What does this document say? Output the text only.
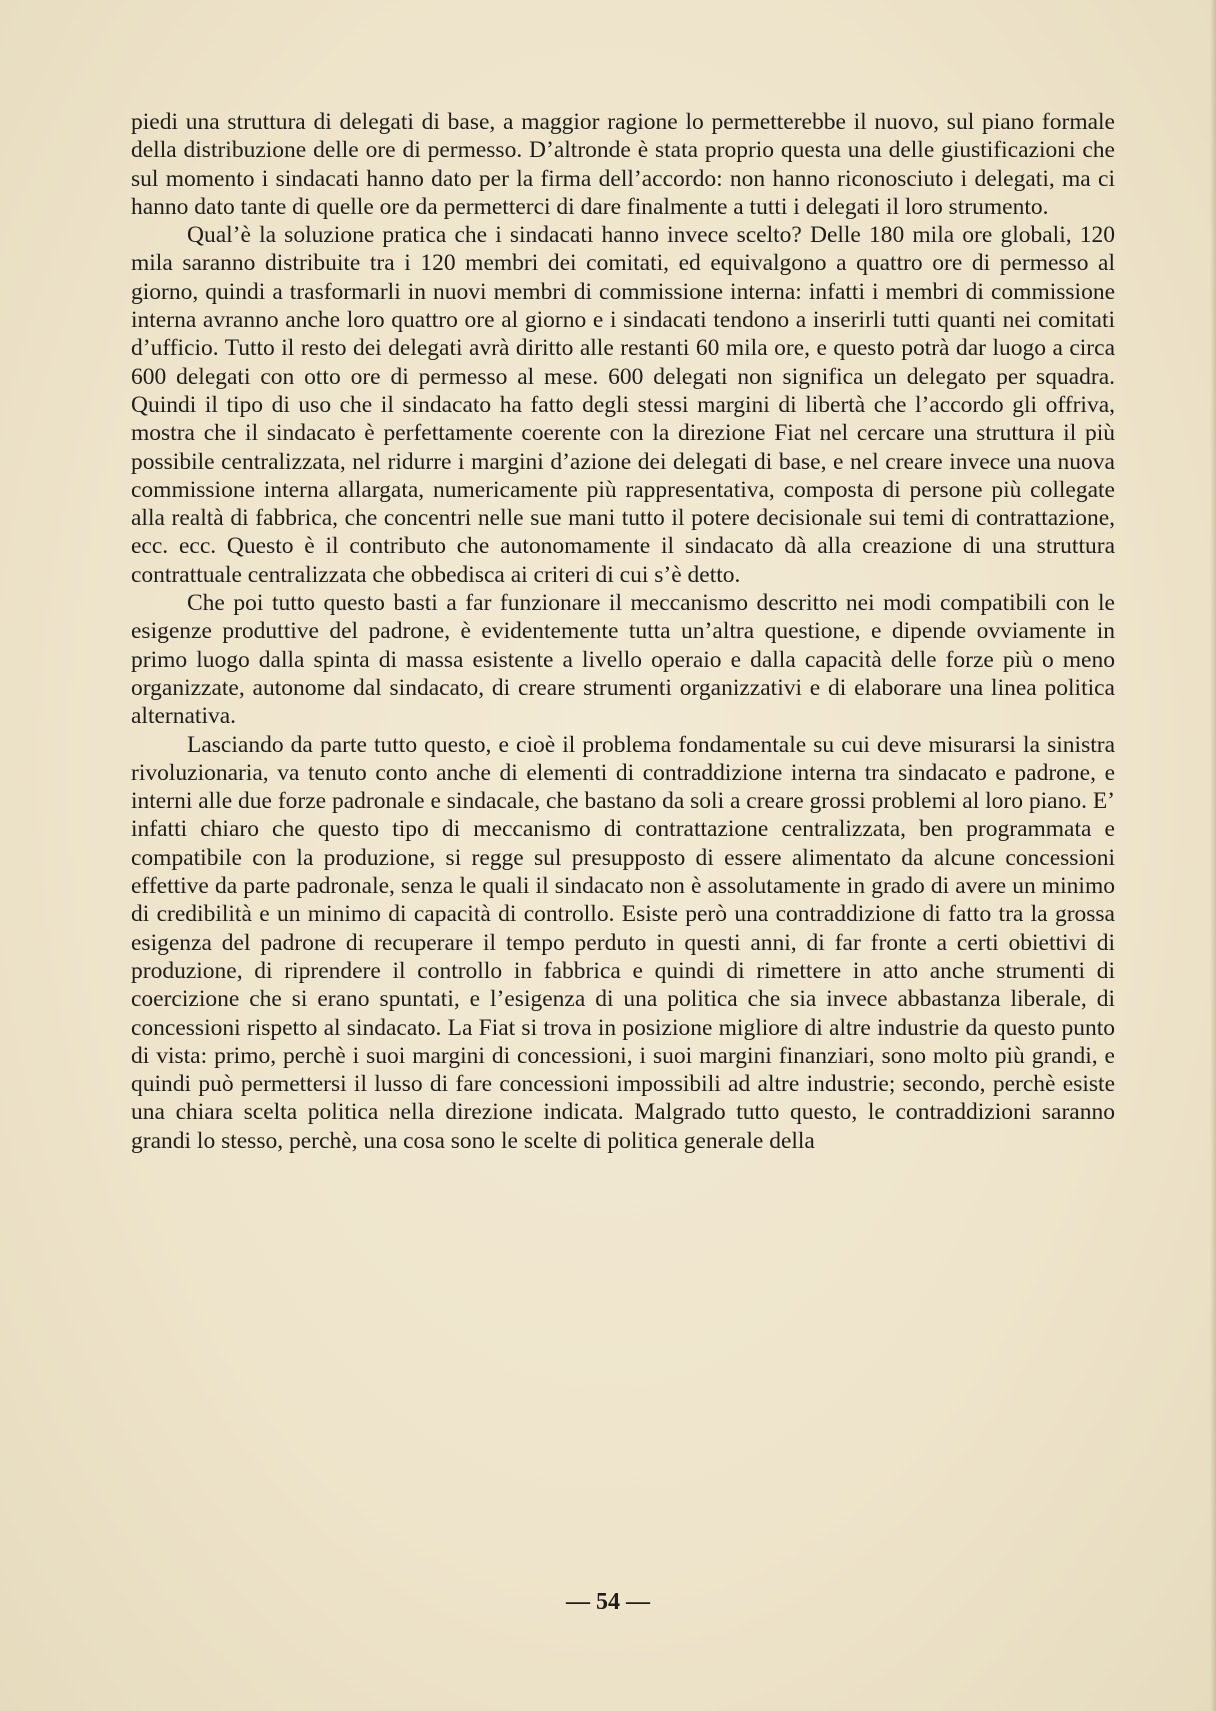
piedi una struttura di delegati di base, a maggior ragione lo permetterebbe il nuovo, sul piano formale della distribuzione delle ore di permesso. D’altronde è stata proprio questa una delle giustificazioni che sul momento i sindacati hanno dato per la firma dell’accordo: non hanno riconosciuto i delegati, ma ci hanno dato tante di quelle ore da permetterci di dare finalmente a tutti i delegati il loro strumento.

Qual’è la soluzione pratica che i sindacati hanno invece scelto? Delle 180 mila ore globali, 120 mila saranno distribuite tra i 120 membri dei comitati, ed equivalgono a quattro ore di permesso al giorno, quindi a trasformarli in nuovi membri di commissione interna: infatti i membri di commissione interna avranno anche loro quattro ore al giorno e i sindacati tendono a inserirli tutti quanti nei comitati d’ufficio. Tutto il resto dei delegati avrà diritto alle restanti 60 mila ore, e questo potrà dar luogo a circa 600 delegati con otto ore di permesso al mese. 600 delegati non significa un delegato per squadra. Quindi il tipo di uso che il sindacato ha fatto degli stessi margini di libertà che l’accordo gli offriva, mostra che il sindacato è perfettamente coerente con la direzione Fiat nel cercare una struttura il più possibile centralizzata, nel ridurre i margini d’azione dei delegati di base, e nel creare invece una nuova commissione interna allargata, numericamente più rappresentativa, composta di persone più collegate alla realtà di fabbrica, che concentri nelle sue mani tutto il potere decisionale sui temi di contrattazione, ecc. ecc. Questo è il contributo che autonomamente il sindacato dà alla creazione di una struttura contrattuale centralizzata che obbedisca ai criteri di cui s’è detto.

Che poi tutto questo basti a far funzionare il meccanismo descritto nei modi compatibili con le esigenze produttive del padrone, è evidentemente tutta un’altra questione, e dipende ovviamente in primo luogo dalla spinta di massa esistente a livello operaio e dalla capacità delle forze più o meno organizzate, autonome dal sindacato, di creare strumenti organizzativi e di elaborare una linea politica alternativa.

Lasciando da parte tutto questo, e cioè il problema fondamentale su cui deve misurarsi la sinistra rivoluzionaria, va tenuto conto anche di elementi di contraddizione interna tra sindacato e padrone, e interni alle due forze padronale e sindacale, che bastano da soli a creare grossi problemi al loro piano. E’ infatti chiaro che questo tipo di meccanismo di contrattazione centralizzata, ben programmata e compatibile con la produzione, si regge sul presupposto di essere alimentato da alcune concessioni effettive da parte padronale, senza le quali il sindacato non è assolutamente in grado di avere un minimo di credibilità e un minimo di capacità di controllo. Esiste però una contraddizione di fatto tra la grossa esigenza del padrone di recuperare il tempo perduto in questi anni, di far fronte a certi obiettivi di produzione, di riprendere il controllo in fabbrica e quindi di rimettere in atto anche strumenti di coercizione che si erano spuntati, e l’esigenza di una politica che sia invece abbastanza liberale, di concessioni rispetto al sindacato. La Fiat si trova in posizione migliore di altre industrie da questo punto di vista: primo, perchè i suoi margini di concessioni, i suoi margini finanziari, sono molto più grandi, e quindi può permettersi il lusso di fare concessioni impossibili ad altre industrie; secondo, perchè esiste una chiara scelta politica nella direzione indicata. Malgrado tutto questo, le contraddizioni saranno grandi lo stesso, perchè, una cosa sono le scelte di politica generale della

— 54 —
